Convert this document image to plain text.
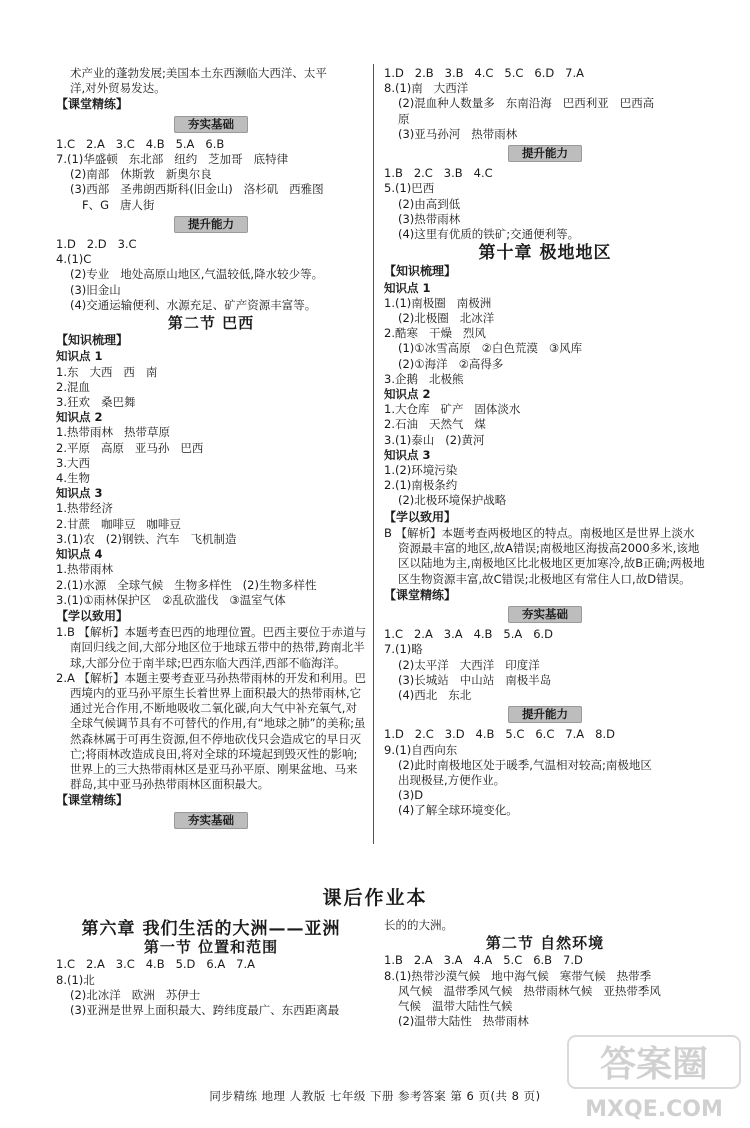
术产业的蓬勃发展;美国本土东西濒临大西洋、太平
洋,对外贸易发达。
【课堂精练】
夯实基础
1.C   2.A   3.C   4.B   5.A   6.B
7.(1)华盛顿   东北部   纽约   芝加哥   底特律
(2)南部   休斯敦   新奥尔良
(3)西部   圣弗朗西斯科(旧金山)   洛杉矶   西雅图
F、G   唐人街
提升能力
1.D   2.D   3.C
4.(1)C
(2)专业   地处高原山地区,气温较低,降水较少等。
(3)旧金山
(4)交通运输便利、水源充足、矿产资源丰富等。
第二节 巴西
【知识梳理】
知识点 1
1.东   大西   西   南
2.混血
3.狂欢   桑巴舞
知识点 2
1.热带雨林   热带草原
2.平原   高原   亚马孙   巴西
3.大西
4.生物
知识点 3
1.热带经济
2.甘蔗   咖啡豆   咖啡豆
3.(1)农   (2)钢铁、汽车   飞机制造
知识点 4
1.热带雨林
2.(1)水源   全球气候   生物多样性   (2)生物多样性
3.(1)①雨林保护区   ②乱砍滥伐   ③温室气体
【学以致用】
1.B 【解析】本题考查巴西的地理位置。巴西主要位于赤道与南回归线之间,大部分地区位于地球五带中的热带,跨南北半球,大部分位于南半球;巴西东临大西洋,西部不临海洋。
2.A 【解析】本题主要考查亚马孙热带雨林的开发和利用。巴西境内的亚马孙平原生长着世界上面积最大的热带雨林,它通过光合作用,不断地吸收二氧化碳,向大气中补充氧气,对全球气候调节具有不可替代的作用,有“地球之肺”的美称;虽然森林属于可再生资源,但不停地砍伐只会造成它的早日灭亡;将雨林改造成良田,将对全球的环境起到毁灭性的影响;世界上的三大热带雨林区是亚马孙平原、刚果盆地、马来群岛,其中亚马孙热带雨林区面积最大。
【课堂精练】
夯实基础
1.D   2.B   3.B   4.C   5.C   6.D   7.A
8.(1)南   大西洋
(2)混血种人数量多   东南沿海   巴西利亚   巴西高
原
(3)亚马孙河   热带雨林
提升能力
1.B   2.C   3.B   4.C
5.(1)巴西
(2)由高到低
(3)热带雨林
(4)这里有优质的铁矿;交通便利等。
第十章 极地地区
【知识梳理】
知识点 1
1.(1)南极圈   南极洲
(2)北极圈   北冰洋
2.酷寒   干燥   烈风
(1)①冰雪高原   ②白色荒漠   ③风库
(2)①海洋   ②高得多
3.企鹅   北极熊
知识点 2
1.大仓库   矿产   固体淡水
2.石油   天然气   煤
3.(1)泰山   (2)黄河
知识点 3
1.(2)环境污染
2.(1)南极条约
(2)北极环境保护战略
【学以致用】
B 【解析】本题考查两极地区的特点。南极地区是世界上淡水资源最丰富的地区,故A错误;南极地区海拔高2000多米,该地区以陆地为主,南极地区比北极地区更加寒冷,故B正确;两极地区生物资源丰富,故C错误;北极地区有常住人口,故D错误。
【课堂精练】
夯实基础
1.C   2.A   3.A   4.B   5.A   6.D
7.(1)略
(2)太平洋   大西洋   印度洋
(3)长城站   中山站   南极半岛
(4)西北   东北
提升能力
1.D   2.C   3.D   4.B   5.C   6.C   7.A   8.D
9.(1)自西向东
(2)此时南极地区处于暖季,气温相对较高;南极地区
出现极昼,方便作业。
(3)D
(4)了解全球环境变化。
课后作业本
第六章 我们生活的大洲——亚洲
第一节 位置和范围
1.C   2.A   3.C   4.B   5.D   6.A   7.A
8.(1)北
(2)北冰洋   欧洲   苏伊士
(3)亚洲是世界上面积最大、跨纬度最广、东西距离最
长的的大洲。
第二节 自然环境
1.B   2.A   3.A   4.A   5.C   6.B   7.D
8.(1)热带沙漠气候   地中海气候   寒带气候   热带季
风气候   温带季风气候   热带雨林气候   亚热带季风
气候   温带大陆性气候
(2)温带大陆性   热带雨林
同步精练 地理 人教版 七年级 下册 参考答案 第 6 页(共 8 页)
答案圈
MXQE.COM
